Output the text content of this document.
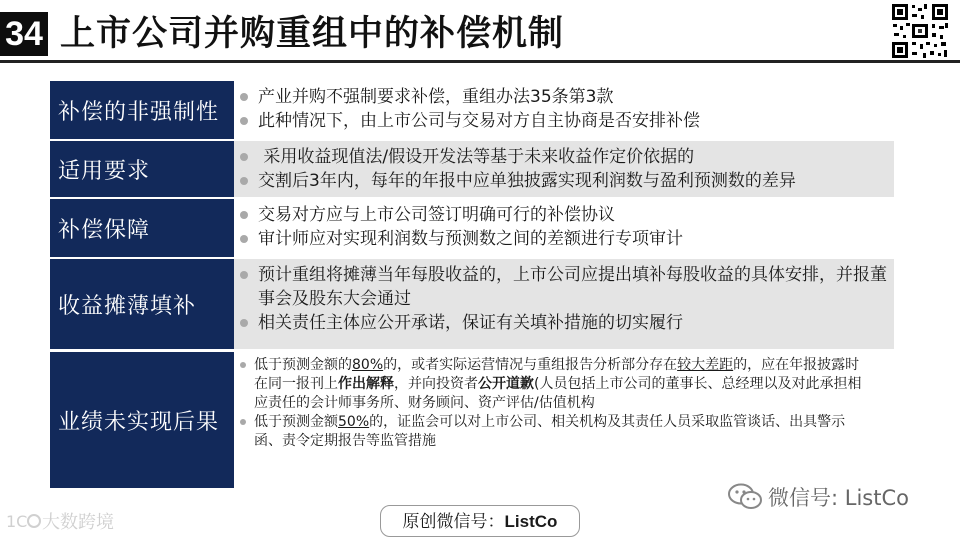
34 上市公司并购重组中的补偿机制
补偿的非强制性
产业并购不强制要求补偿，重组办法35条第3款
此种情况下，由上市公司与交易对方自主协商是否安排补偿
适用要求
采用收益现值法/假设开发法等基于未来收益作定价依据的
交割后3年内，每年的年报中应单独披露实现利润数与盈利预测数的差异
补偿保障
交易对方应与上市公司签订明确可行的补偿协议
审计师应对实现利润数与预测数之间的差额进行专项审计
收益摊薄填补
预计重组将摊薄当年每股收益的，上市公司应提出填补每股收益的具体安排，并报董事会及股东大会通过
相关责任主体应公开承诺，保证有关填补措施的切实履行
业绩未实现后果
低于预测金额的80%的，或者实际运营情况与重组报告分析部分存在较大差距的，应在年报披露时在同一报刊上作出解释，并向投资者公开道歉(人员包括上市公司的董事长、总经理以及对此承担相应责任的会计师事务所、财务顾问、资产评估/估值机构
低于预测金额50%的，证监会可以对上市公司、相关机构及其责任人员采取监管谈话、出具警示函、责令定期报告等监管措施
原创微信号：ListCo
微信号: ListCo
1C 大数跨境
